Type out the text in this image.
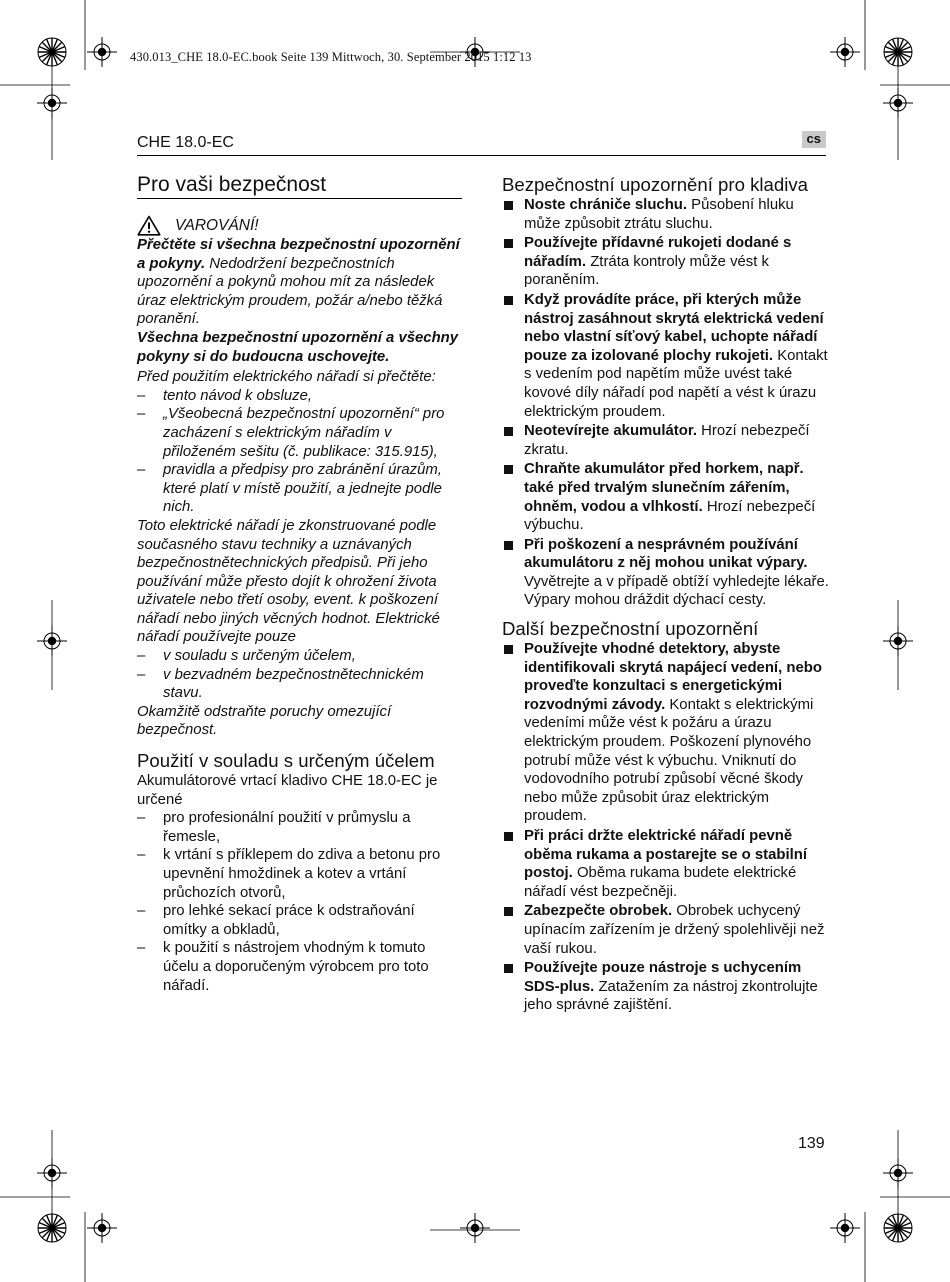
430.013_CHE 18.0-EC.book Seite 139 Mittwoch, 30. September 2015 1:12 13
CHE 18.0-EC	cs
Pro vaši bezpečnost
VAROVÁNÍ!

Přečtěte si všechna bezpečnostní upozornění a pokyny. Nedodržení bezpečnostních upozornění a pokynů mohou mít za následek úraz elektrickým proudem, požár a/nebo těžká poranění.

Všechna bezpečnostní upozornění a všechny pokyny si do budoucna uschovejte.

Před použitím elektrického nářadí si přečtěte:

– tento návod k obsluze,
– „Všeobecná bezpečnostní upozornění“ pro zacházení s elektrickým nářadím v přiloženém sešitu (č. publikace: 315.915),
– pravidla a předpisy pro zabránění úrazům, které platí v místě použití, a jednejte podle nich.

Toto elektrické nářadí je zkonstruované podle současného stavu techniky a uznávaných bezpečnostnětechnických předpisů. Při jeho používání může přesto dojít k ohrožení života uživatele nebo třetí osoby, event. k poškození nářadí nebo jiných věcných hodnot. Elektrické nářadí používejte pouze

– v souladu s určeným účelem,
– v bezvadném bezpečnostnětechnickém stavu.

Okamžitě odstraňte poruchy omezující bezpečnost.

Použití v souladu s určeným účelem

Akumulátorové vrtací kladivo CHE 18.0-EC je určené

– pro profesionální použití v průmyslu a řemesle,
– k vrtání s příklepem do zdiva a betonu pro upevnění hmoždinek a kotev a vrtání průchozích otvorů,
– pro lehké sekací práce k odstraňování omítky a obkladů,
– k použití s nástrojem vhodným k tomuto účelu a doporučeným výrobcem pro toto nářadí.
Bezpečnostní upozornění pro kladiva
Noste chrániče sluchu. Působení hluku může způsobit ztrátu sluchu.
Používejte přídavné rukojeti dodané s nářadím. Ztráta kontroly může vést k poraněním.
Když provádíte práce, při kterých může nástroj zasáhnout skrytá elektrická vedení nebo vlastní síťový kabel, uchopte nářadí pouze za izolované plochy rukojeti. Kontakt s vedením pod napětím může uvést také kovové díly nářadí pod napětí a vést k úrazu elektrickým proudem.
Neotevírejte akumulátor. Hrozí nebezpečí zkratu.
Chraňte akumulátor před horkem, např. také před trvalým slunečním zářením, ohněm, vodou a vlhkostí. Hrozí nebezpečí výbuchu.
Při poškození a nesprávném používání akumulátoru z něj mohou unikat výpary. Vyvětrejte a v případě obtíží vyhledejte lékaře. Výpary mohou dráždit dýchací cesty.
Další bezpečnostní upozornění
Používejte vhodné detektory, abyste identifikovali skrytá napájecí vedení, nebo proveďte konzultaci s energetickými rozvodnými závody. Kontakt s elektrickými vedeními může vést k požáru a úrazu elektrickým proudem. Poškození plynového potrubí může vést k výbuchu. Vniknutí do vodovodního potrubí způsobí věcné škody nebo může způsobit úraz elektrickým proudem.
Při práci držte elektrické nářadí pevně oběma rukama a postarejte se o stabilní postoj. Oběma rukama budete elektrické nářadí vést bezpečněji.
Zabezpečte obrobek. Obrobek uchycený upínacím zařízením je držený spolehlivěji než vaší rukou.
Používejte pouze nástroje s uchycením SDS-plus. Zatažením za nástroj zkontrolujte jeho správné zajištění.
139
